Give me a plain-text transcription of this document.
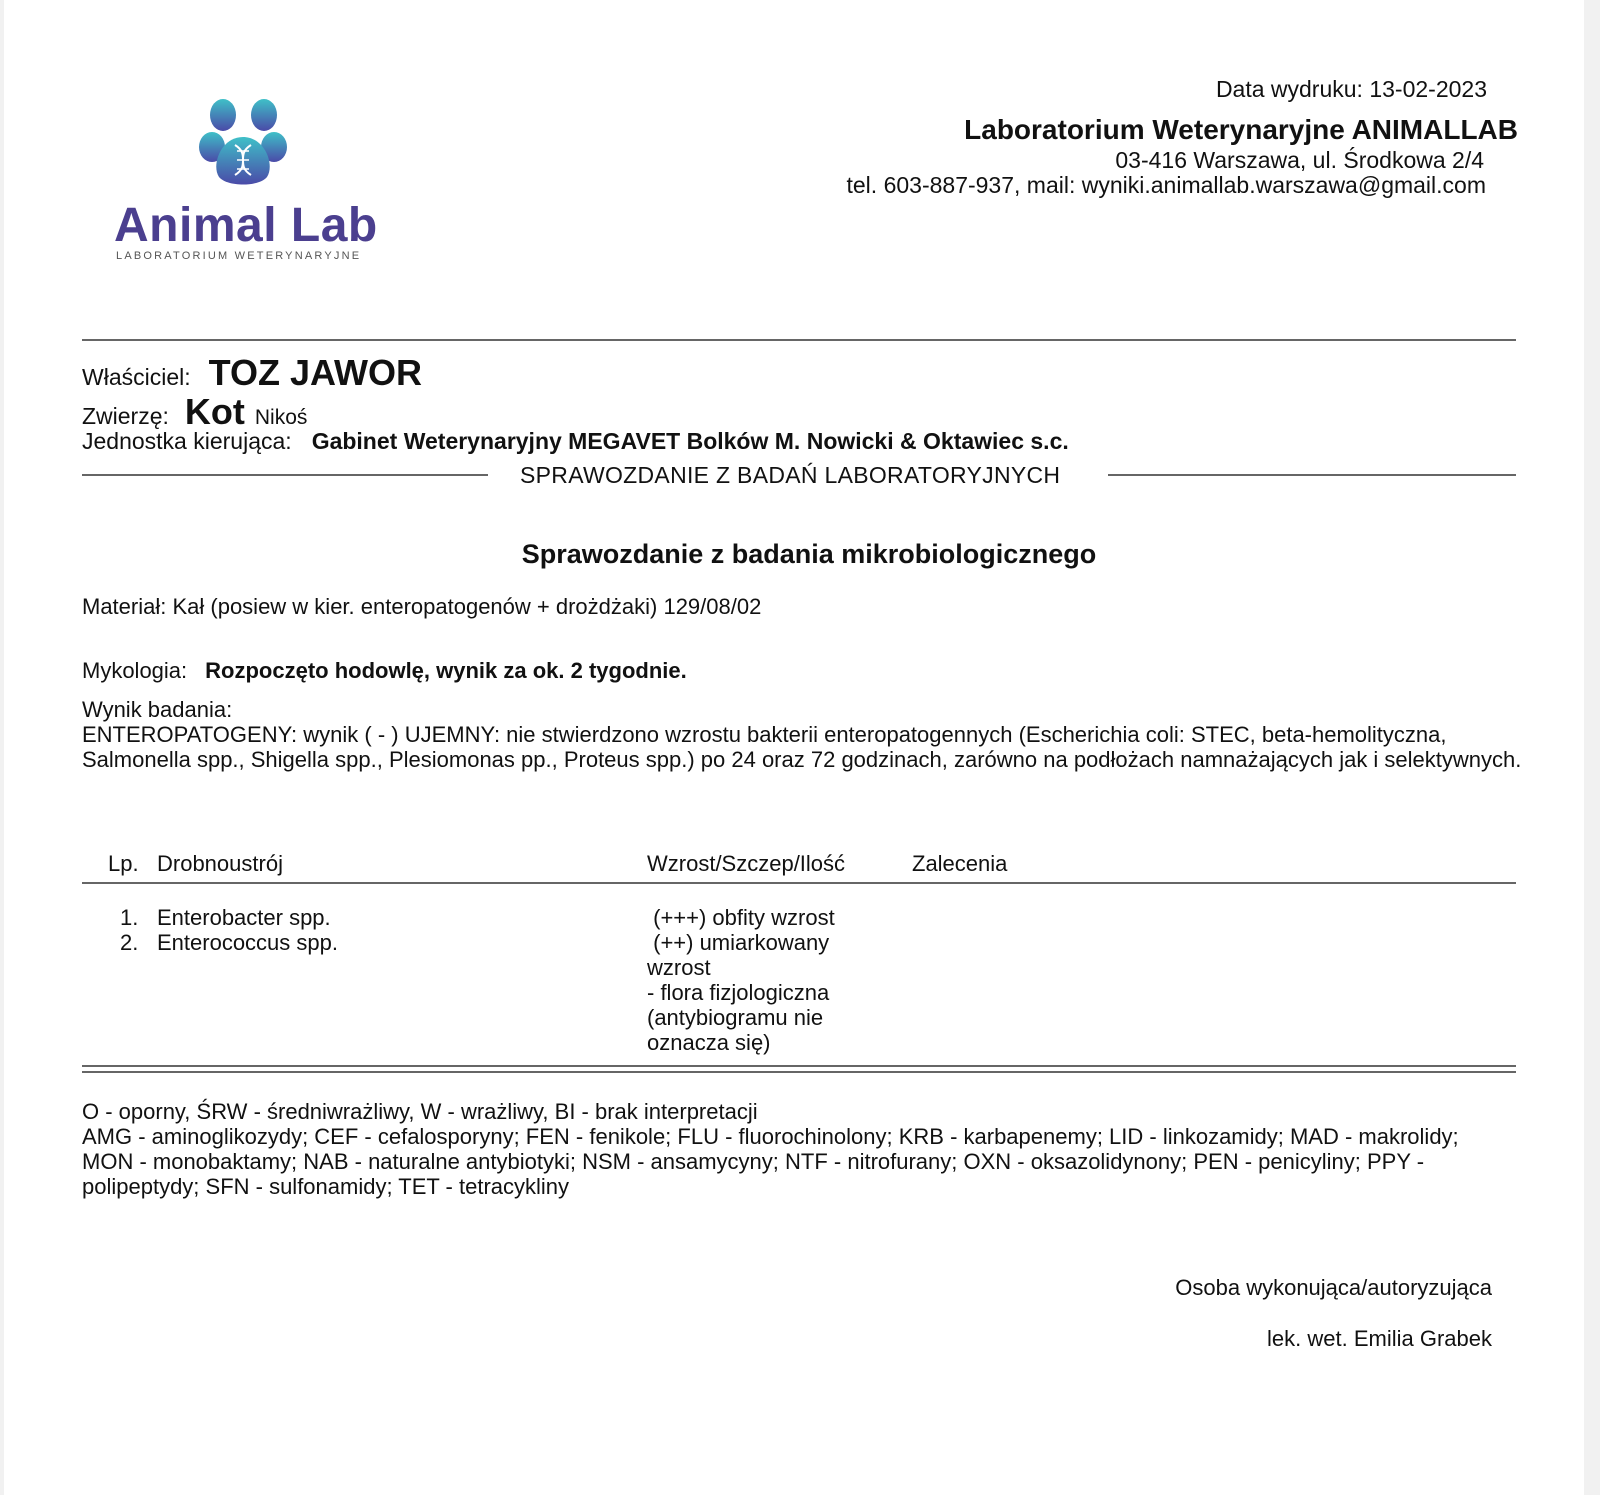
Animal Lab
LABORATORIUM WETERYNARYJNE
Data wydruku: 13-02-2023
Laboratorium Weterynaryjne ANIMALLAB
03-416 Warszawa, ul. Środkowa 2/4
tel. 603-887-937, mail: wyniki.animallab.warszawa@gmail.com
Właściciel: TOZ JAWOR
Zwierzę: Kot Nikoś
Jednostka kierująca: Gabinet Weterynaryjny MEGAVET Bolków M. Nowicki & Oktawiec s.c.
SPRAWOZDANIE Z BADAŃ LABORATORYJNYCH
Sprawozdanie z badania mikrobiologicznego
Materiał: Kał (posiew w kier. enteropatogenów + drożdżaki) 129/08/02
Mykologia: Rozpoczęto hodowlę, wynik za ok. 2 tygodnie.
Wynik badania:
ENTEROPATOGENY: wynik ( - ) UJEMNY: nie stwierdzono wzrostu bakterii enteropatogennych (Escherichia coli: STEC, beta-hemolityczna, Salmonella spp., Shigella spp., Plesiomonas pp., Proteus spp.) po 24 oraz 72 godzinach, zarówno na podłożach namnażających jak i selektywnych.
Lp. Drobnoustrój	Wzrost/Szczep/Ilość	Zalecenia
1. Enterobacter spp.
2. Enterococcus spp.
(+++) obfity wzrost
(++) umiarkowany
wzrost
- flora fizjologiczna
(antybiogramu nie
oznacza się)

O - oporny, ŚRW - średniwrażliwy, W - wrażliwy, BI - brak interpretacji

AMG - aminoglikozydy; CEF - cefalosporyny; FEN - fenikole; FLU - fluorochinolony; KRB - karbapenemy; LID - linkozamidy; MAD - makrolidy; MON - monobaktamy; NAB - naturalne antybiotyki; NSM - ansamycyny; NTF - nitrofurany; OXN - oksazolidynony; PEN - penicyliny; PPY - polipeptydy; SFN - sulfonamidy; TET - tetracykliny

Osoba wykonująca/autoryzująca
lek. wet. Emilia Grabek
